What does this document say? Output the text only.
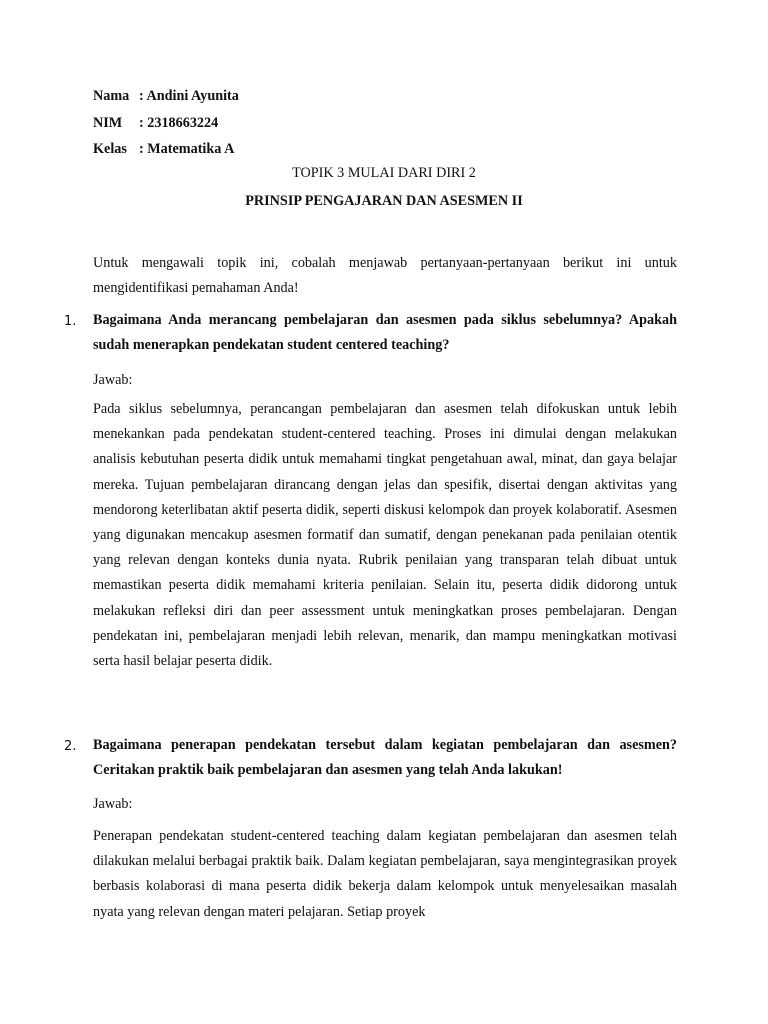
Nama : Andini Ayunita
NIM : 2318663224
Kelas : Matematika A
TOPIK 3 MULAI DARI DIRI 2
PRINSIP PENGAJARAN DAN ASESMEN II
Untuk mengawali topik ini, cobalah menjawab pertanyaan-pertanyaan berikut ini untuk mengidentifikasi pemahaman Anda!
1. Bagaimana Anda merancang pembelajaran dan asesmen pada siklus sebelumnya? Apakah sudah menerapkan pendekatan student centered teaching?
Jawab:
Pada siklus sebelumnya, perancangan pembelajaran dan asesmen telah difokuskan untuk lebih menekankan pada pendekatan student-centered teaching. Proses ini dimulai dengan melakukan analisis kebutuhan peserta didik untuk memahami tingkat pengetahuan awal, minat, dan gaya belajar mereka. Tujuan pembelajaran dirancang dengan jelas dan spesifik, disertai dengan aktivitas yang mendorong keterlibatan aktif peserta didik, seperti diskusi kelompok dan proyek kolaboratif. Asesmen yang digunakan mencakup asesmen formatif dan sumatif, dengan penekanan pada penilaian otentik yang relevan dengan konteks dunia nyata. Rubrik penilaian yang transparan telah dibuat untuk memastikan peserta didik memahami kriteria penilaian. Selain itu, peserta didik didorong untuk melakukan refleksi diri dan peer assessment untuk meningkatkan proses pembelajaran. Dengan pendekatan ini, pembelajaran menjadi lebih relevan, menarik, dan mampu meningkatkan motivasi serta hasil belajar peserta didik.
2. Bagaimana penerapan pendekatan tersebut dalam kegiatan pembelajaran dan asesmen? Ceritakan praktik baik pembelajaran dan asesmen yang telah Anda lakukan!
Jawab:
Penerapan pendekatan student-centered teaching dalam kegiatan pembelajaran dan asesmen telah dilakukan melalui berbagai praktik baik. Dalam kegiatan pembelajaran, saya mengintegrasikan proyek berbasis kolaborasi di mana peserta didik bekerja dalam kelompok untuk menyelesaikan masalah nyata yang relevan dengan materi pelajaran. Setiap proyek
